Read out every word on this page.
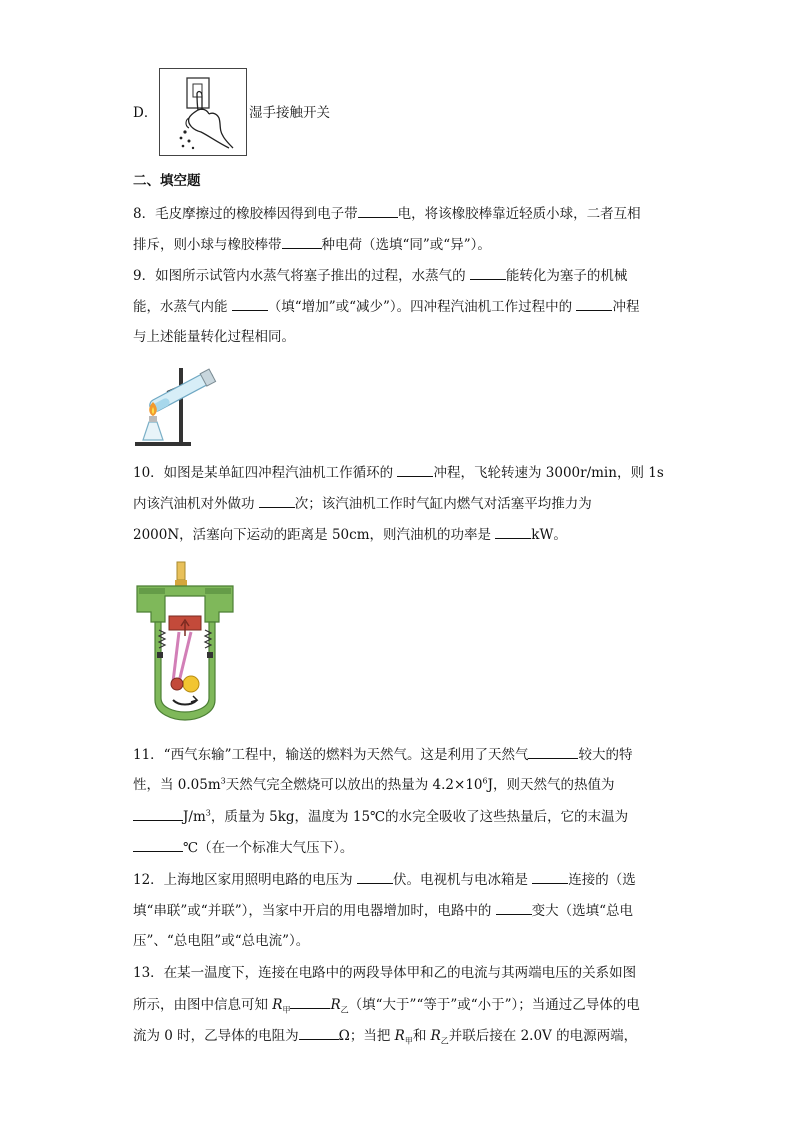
D．	湿手接触开关
二、填空题
8．毛皮摩擦过的橡胶棒因得到电子带	电，将该橡胶棒靠近轻质小球，二者互相
排斥，则小球与橡胶棒带	种电荷（选填“同”或“异”）。
9．如图所示试管内水蒸气将塞子推出的过程，水蒸气的	能转化为塞子的机械
能，水蒸气内能	（填“增加”或“减少”）。四冲程汽油机工作过程中的	冲程
与上述能量转化过程相同。
10．如图是某单缸四冲程汽油机工作循环的	冲程，飞轮转速为 3000r/min，则 1s
内该汽油机对外做功	次；该汽油机工作时气缸内燃气对活塞平均推力为
2000N，活塞向下运动的距离是 50cm，则汽油机的功率是	kW。
11．“西气东输”工程中，输送的燃料为天然气。这是利用了天然气	较大的特
性，当 $0.05m^3$天然气完全燃烧可以放出的热量为 $4.2\times 10^6J$，则天然气的热值为
$J/m^3$，质量为 5kg，温度为 15℃的水完全吸收了这些热量后，它的末温为
℃（在一个标准大气压下）。
12．上海地区家用照明电路的电压为	伏。电视机与电冰箱是	连接的（选
填“串联”或“并联”），当家中开启的用电器增加时，电路中的	变大（选填“总电
压”、“总电阻”或“总电流”）。
13．在某一温度下，连接在电路中的两段导体甲和乙的电流与其两端电压的关系如图
所示，由图中信息可知 $R_甲$	$R_乙$（填“大于”“等于”或“小于”）；当通过乙导体的电
流为 0 时，乙导体的电阻为	Ω；当把 $R_甲$和 $R_乙$并联后接在 2.0V 的电源两端，
